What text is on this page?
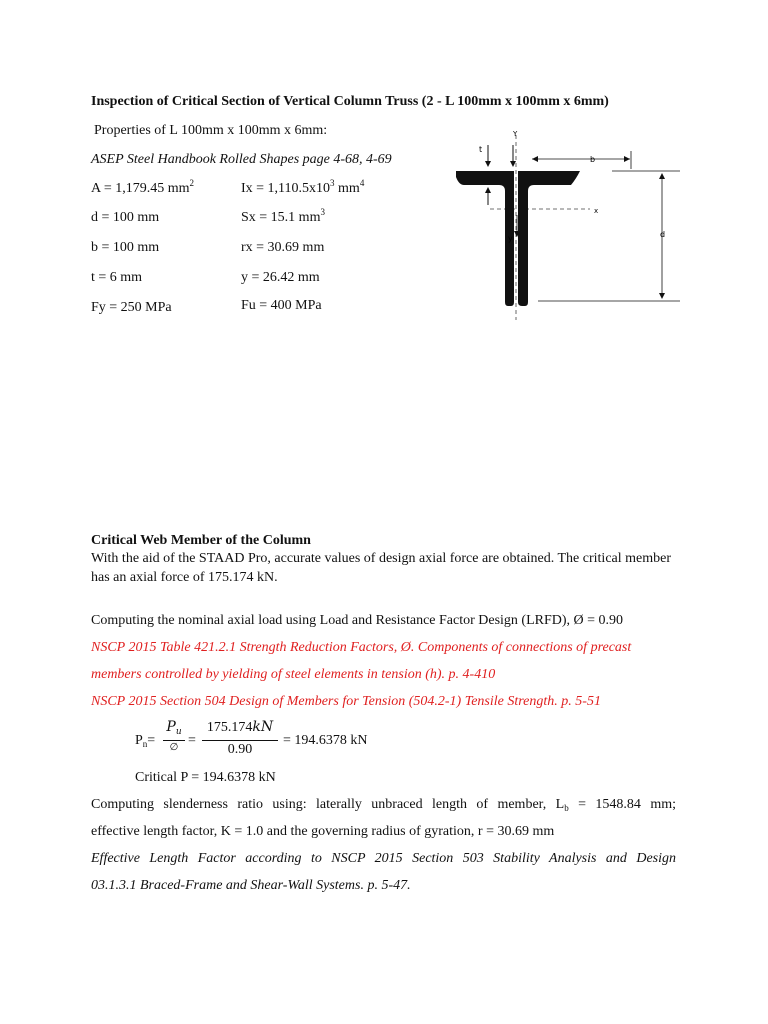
Inspection of Critical Section of Vertical Column Truss (2 - L 100mm x 100mm x 6mm)
Properties of L 100mm x 100mm x 6mm:
ASEP Steel Handbook Rolled Shapes page 4-68, 4-69
A = 1,179.45 $mm^2$
d = 100 mm
b = 100 mm
t = 6 mm
Fy = 250 MPa
$Ix = 1,110.5x10^3$ $mm^4$
Sx = 15.1 $mm^3$
rx = 30.69 mm
y = 26.42 mm
Fu = 400 MPa
t
b
d
x
y
Y
Critical Web Member of the Column
With the aid of the STAAD Pro, accurate values of design axial force are obtained. The critical member has an axial force of 175.174 kN.
Computing the nominal axial load using Load and Resistance Factor Design (LRFD), Ø = 0.90
NSCP 2015 Table 421.2.1 Strength Reduction Factors, Ø. Components of connections of precast
members controlled by yielding of steel elements in tension (h). p. 4-410
NSCP 2015 Section 504 Design of Members for Tension (504.2-1) Tensile Strength. p. 5-51
$P_n=$
$P_u$
∅ =
175.174kN
0.90
= 194.6378 kN
Critical P = 194.6378 kN
Computing slenderness ratio using: laterally unbraced length of member, $L_b = 1548.84$ mm;
effective length factor, K = 1.0 and the governing radius of gyration, r = 30.69 mm
Effective Length Factor according to NSCP 2015 Section 503 Stability Analysis and Design
03.1.3.1 Braced-Frame and Shear-Wall Systems. p. 5-47.
